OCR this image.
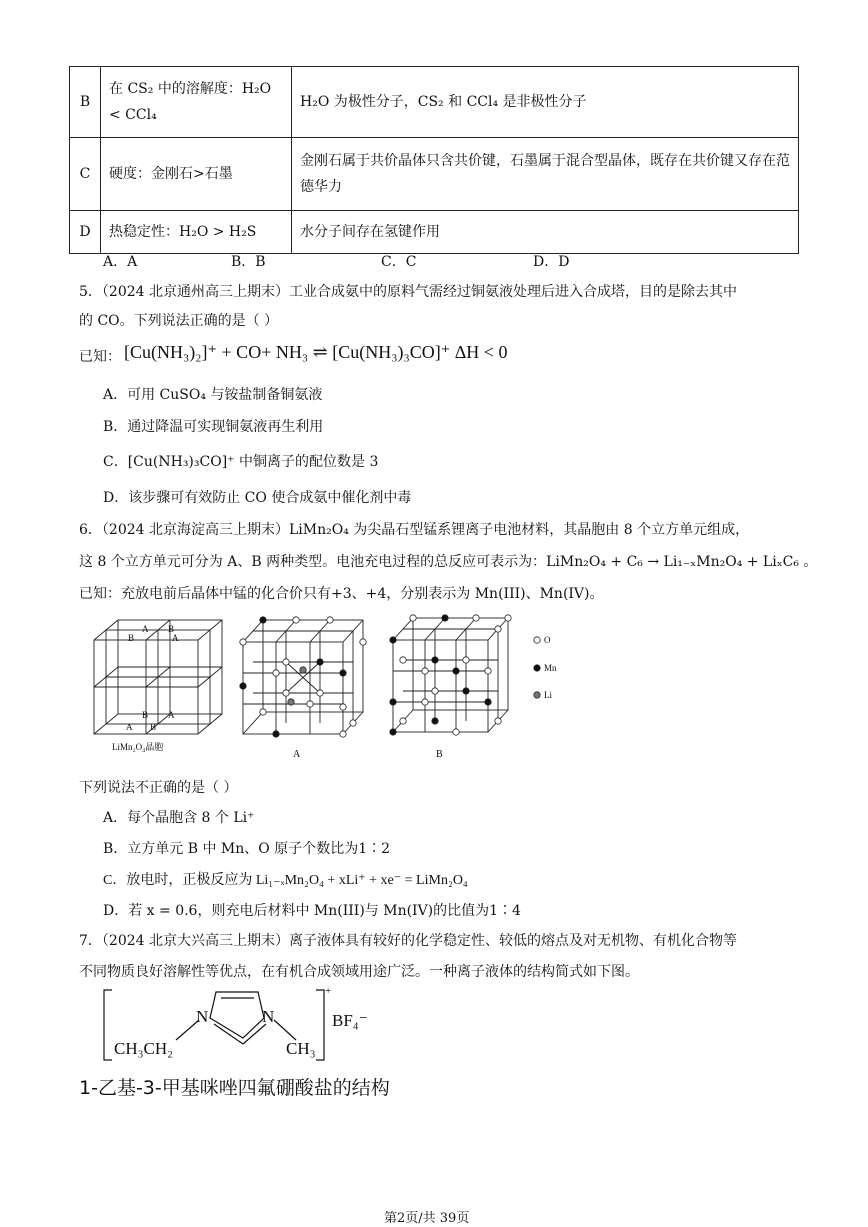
B	在 CS₂ 中的溶解度：H₂O < CCl₄	H₂O 为极性分子，CS₂ 和 CCl₄ 是非极性分子
C	硬度：金刚石>石墨	金刚石属于共价晶体只含共价键，石墨属于混合型晶体，既存在共价键又存在范德华力
D	热稳定性：H₂O > H₂S	水分子间存在氢键作用
A．A	B．B	C．C	D．D
5．（2024 北京通州高三上期末）工业合成氨中的原料气需经过铜氨液处理后进入合成塔，目的是除去其中
的 CO。下列说法正确的是（ ）
已知： [Cu(NH₃)₂]⁺ + CO+ NH₃ ⇌ [Cu(NH₃)₃CO]⁺ ΔH < 0
A．可用 CuSO₄ 与铵盐制备铜氨液
B．通过降温可实现铜氨液再生利用
C．[Cu(NH₃)₃CO]⁺ 中铜离子的配位数是 3
D．该步骤可有效防止 CO 使合成氨中催化剂中毒
6．（2024 北京海淀高三上期末）LiMn₂O₄ 为尖晶石型锰系锂离子电池材料，其晶胞由 8 个立方单元组成，
这 8 个立方单元可分为 A、B 两种类型。电池充电过程的总反应可表示为：LiMn₂O₄ + C₆ → Li₁₋ₓMn₂O₄ + LiₓC₆ 。
已知：充放电前后晶体中锰的化合价只有+3、+4，分别表示为 Mn(III)、Mn(IV)。
A B
B	A
A
B
B
A
LiMn₂O₄晶胞
A	B
O
Mn
Li
下列说法不正确的是（ ）
A．每个晶胞含 8 个 Li⁺
B．立方单元 B 中 Mn、O 原子个数比为1∶2
C．放电时，正极反应为 Li₁₋ₓMn₂O₄ + xLi⁺ + xe⁻ = LiMn₂O₄
D．若 x = 0.6，则充电后材料中 Mn(III)与 Mn(IV)的比值为1∶4
7．（2024 北京大兴高三上期末）离子液体具有较好的化学稳定性、较低的熔点及对无机物、有机化合物等
不同物质良好溶解性等优点，在有机合成领域用途广泛。一种离子液体的结构简式如下图。
+
N	N
CH₃CH₂	CH₃
BF₄⁻
1-乙基-3-甲基咪唑四氟硼酸盐的结构
第2页/共 39页
